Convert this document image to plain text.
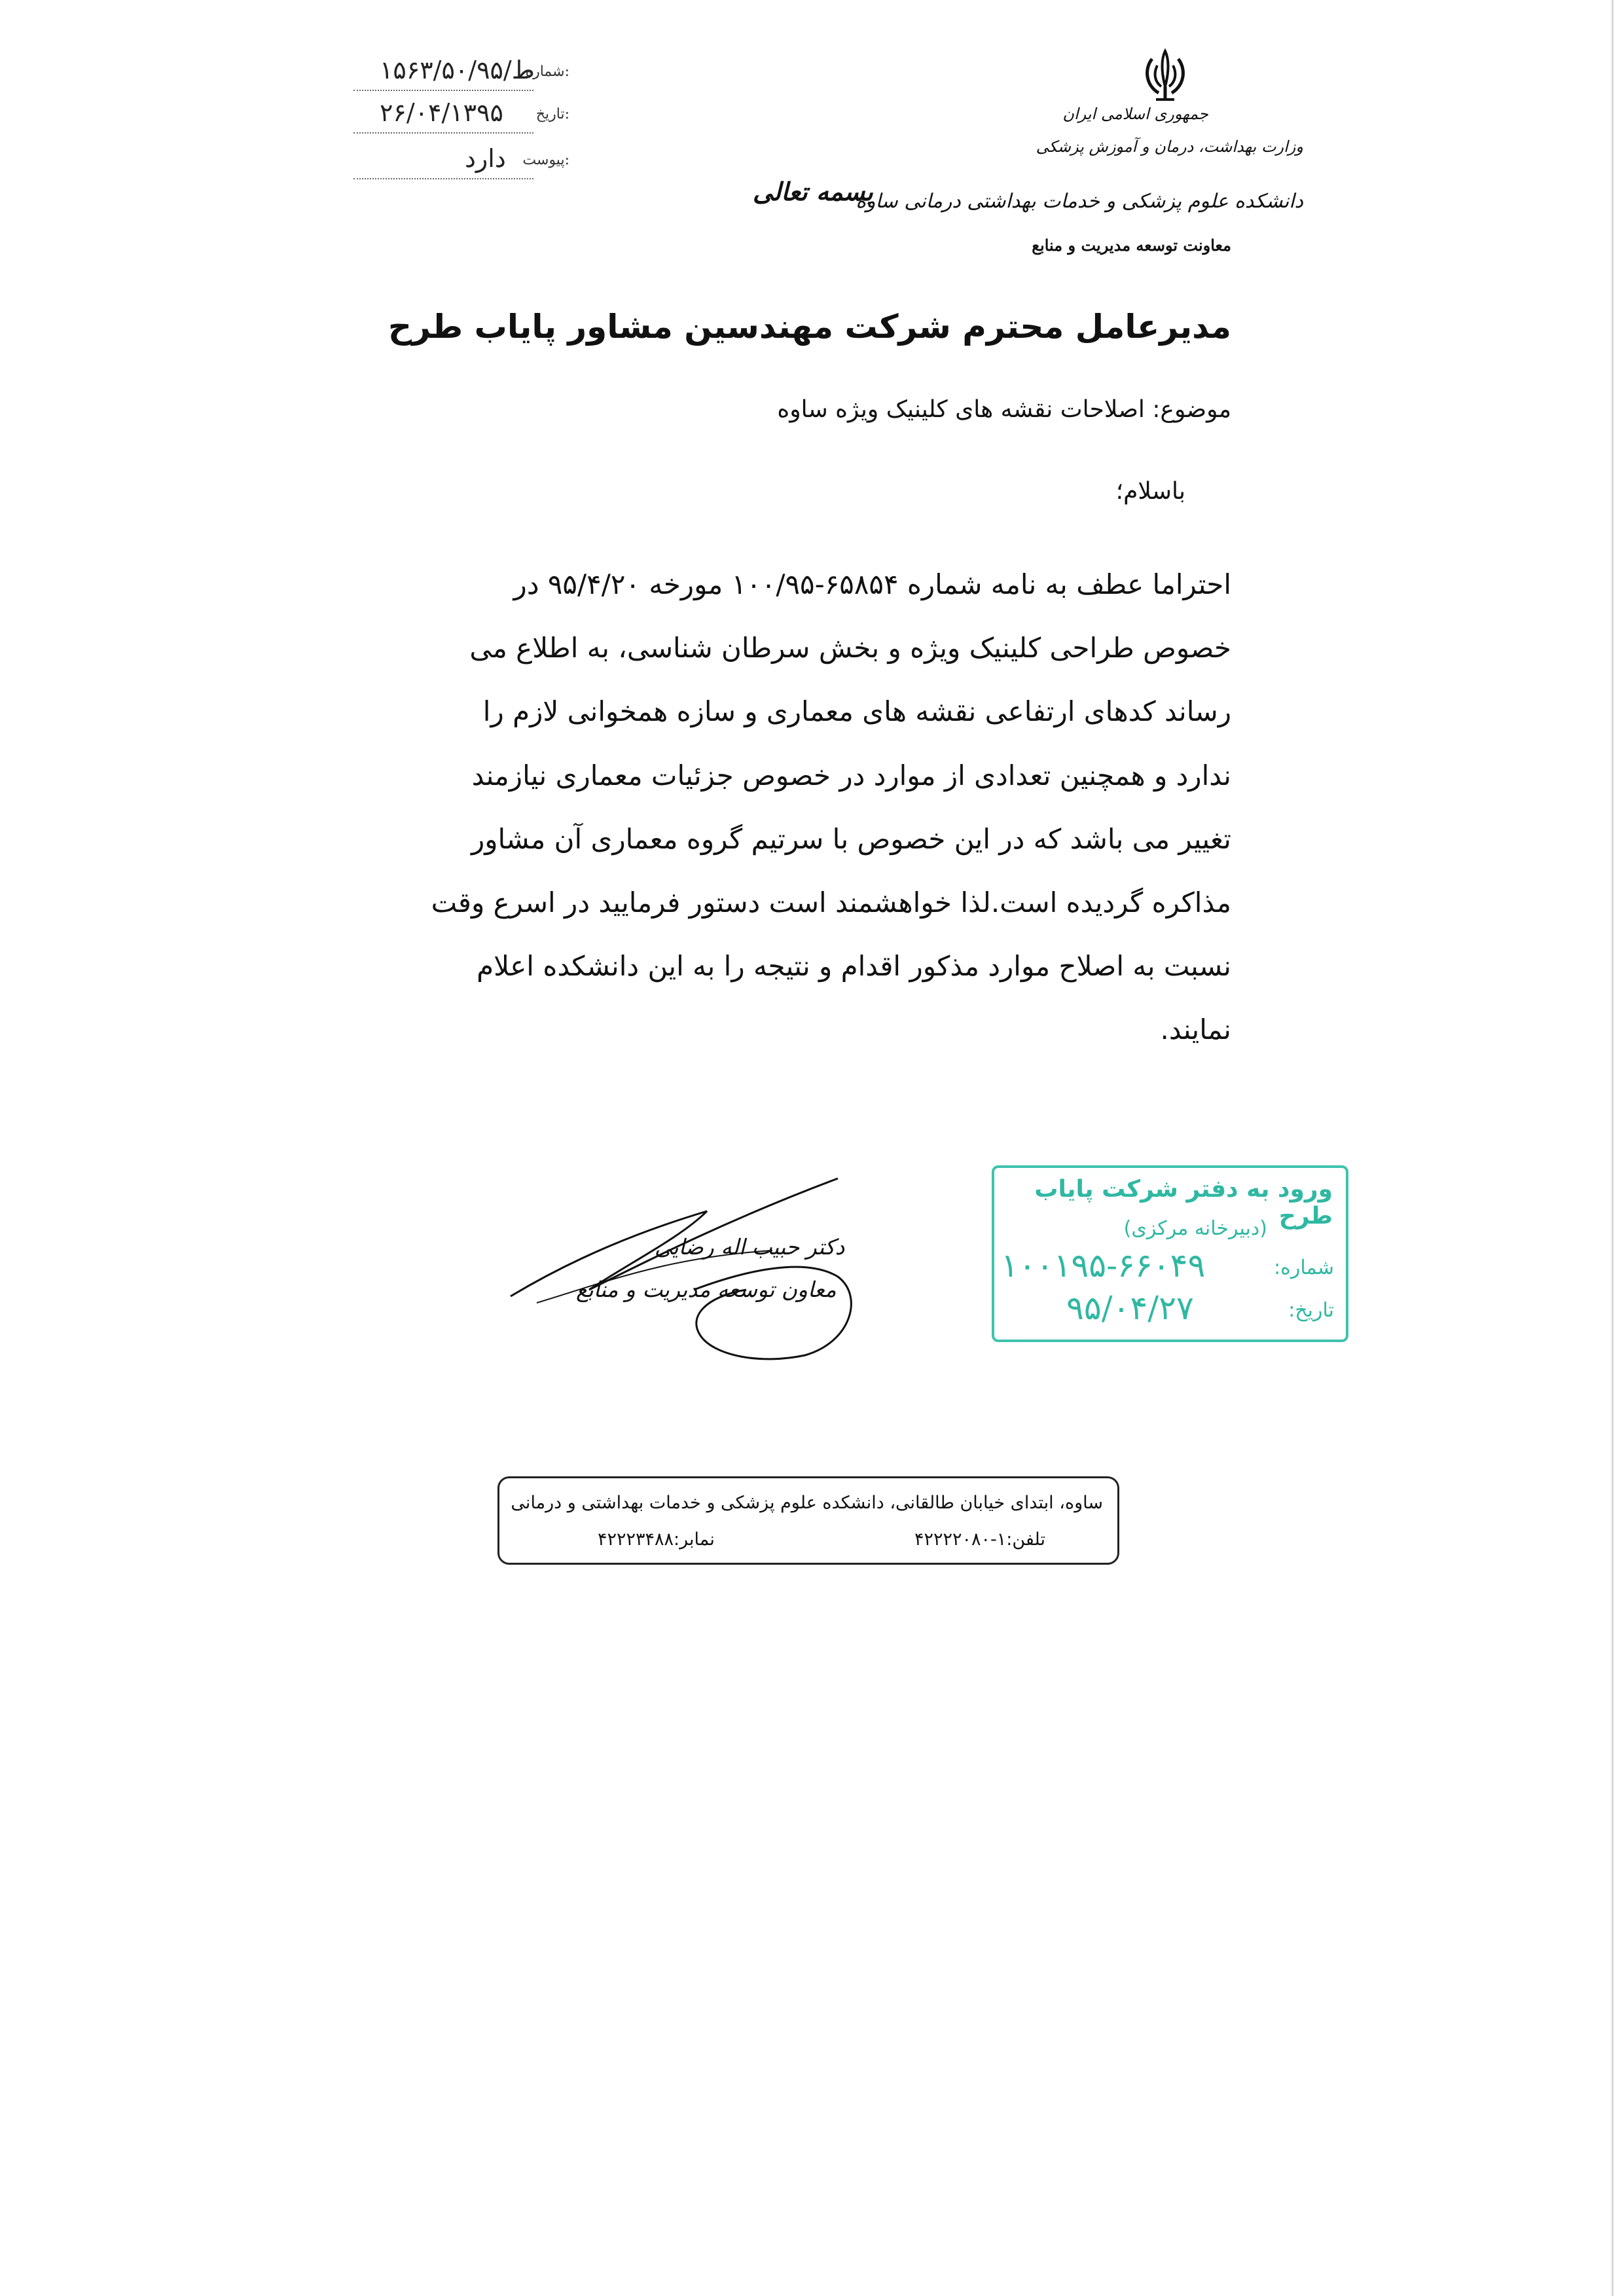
۱۵۶۳/۵۰/ط/۹۵
شماره:
۲۶/۰۴/۱۳۹۵ تاریخ:
دارد پیوست:
جمهوری اسلامی ایران
وزارت بهداشت، درمان و آموزش پزشکی
دانشکده علوم پزشکی و خدمات بهداشتی درمانی ساوه
معاونت توسعه مدیریت و منابع
بسمه تعالی
مدیرعامل محترم شرکت مهندسین مشاور پایاب طرح
موضوع: اصلاحات نقشه های کلینیک ویژه ساوه
باسلام؛
احتراما عطف به نامه شماره ۶۵۸۵۴-۱۰۰/۹۵ مورخه ۹۵/۴/۲۰ در
خصوص طراحی کلینیک ویژه و بخش سرطان شناسی، به اطلاع می
رساند کدهای ارتفاعی نقشه های معماری و سازه همخوانی لازم را
ندارد و همچنین تعدادی از موارد در خصوص جزئیات معماری نیازمند
تغییر می باشد که در این خصوص با سرتیم گروه معماری آن مشاور
مذاکره گردیده است.لذا خواهشمند است دستور فرمایید در اسرع وقت
نسبت به اصلاح موارد مذکور اقدام و نتیجه را به این دانشکده اعلام
نمایند.
دکتر حبیب اله رضایی
معاون توسعه مدیریت و منابع
ورود به دفتر شرکت پایاب طرح
(دبیرخانه مرکزی)
شماره:
۱۰۰۱۹۵-۶۶۰۴۹
تاریخ:
۹۵/۰۴/۲۷
ساوه، ابتدای خیابان طالقانی، دانشکده علوم پزشکی و خدمات بهداشتی و درمانی
تلفن:۱-۴۲۲۲۲۰۸۰
نمابر:۴۲۲۲۳۴۸۸
